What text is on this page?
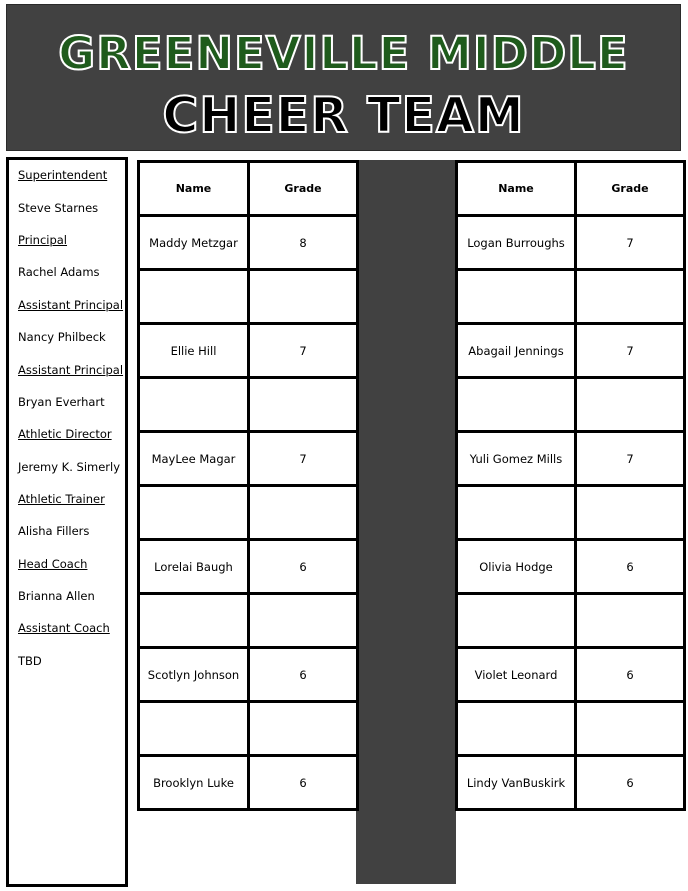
GREENEVILLE MIDDLE
CHEER TEAM
Superintendent
Steve Starnes
Principal
Rachel Adams
Assistant Principal
Nancy Philbeck
Assistant Principal
Bryan Everhart
Athletic Director
Jeremy K. Simerly
Athletic Trainer
Alisha Fillers
Head Coach
Brianna Allen
Assistant Coach
TBD
Name	Grade
Maddy Metzgar	8

Ellie Hill	7

MayLee Magar	7

Lorelai Baugh	6

Scotlyn Johnson	6

Brooklyn Luke	6
Name	Grade
Logan Burroughs	7

Abagail Jennings	7

Yuli Gomez Mills	7

Olivia Hodge	6

Violet Leonard	6

Lindy VanBuskirk	6
